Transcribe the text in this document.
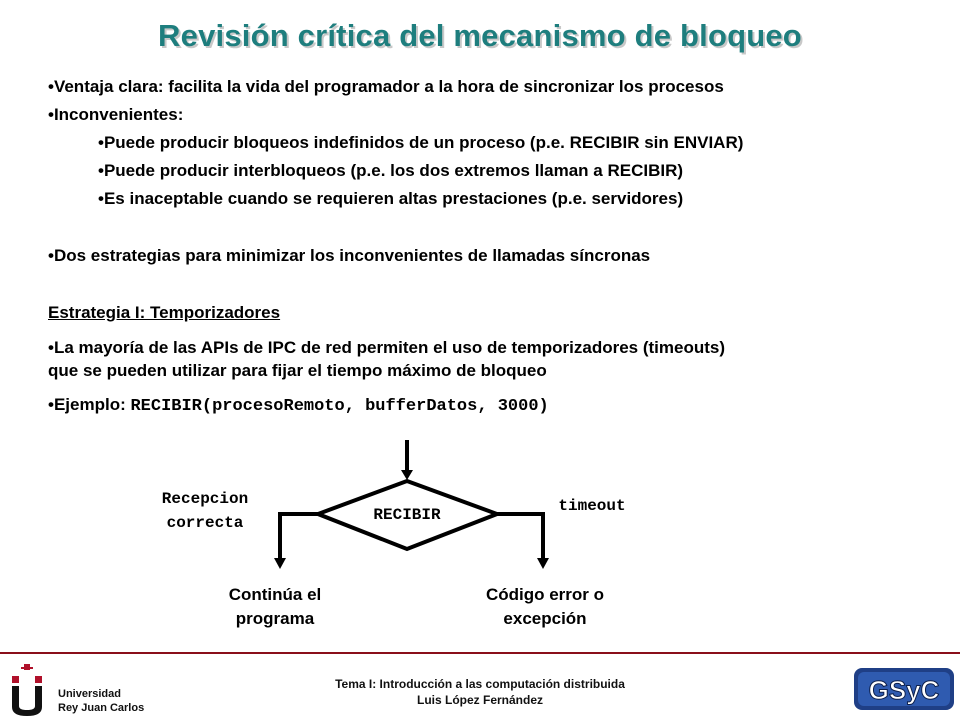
Revisión crítica del mecanismo de bloqueo
•Ventaja clara: facilita la vida del programador a la hora de sincronizar los procesos
•Inconvenientes:
•Puede producir bloqueos indefinidos de un proceso (p.e. RECIBIR sin ENVIAR)
•Puede producir interbloqueos (p.e. los dos extremos llaman a RECIBIR)
•Es inaceptable cuando se requieren altas prestaciones (p.e. servidores)
•Dos estrategias para minimizar los inconvenientes de llamadas síncronas
Estrategia I: Temporizadores
•La mayoría de las APIs de IPC de red permiten el uso de temporizadores (timeouts)
que se pueden utilizar para fijar el tiempo máximo de bloqueo
•Ejemplo: RECIBIR(procesoRemoto, bufferDatos, 3000)
RECIBIR
Recepcion
correcta
timeout
Continúa el
programa
Código error o
excepción
Universidad
Rey Juan Carlos
Tema I: Introducción a las computación distribuida
Luis López Fernández	GSyC
